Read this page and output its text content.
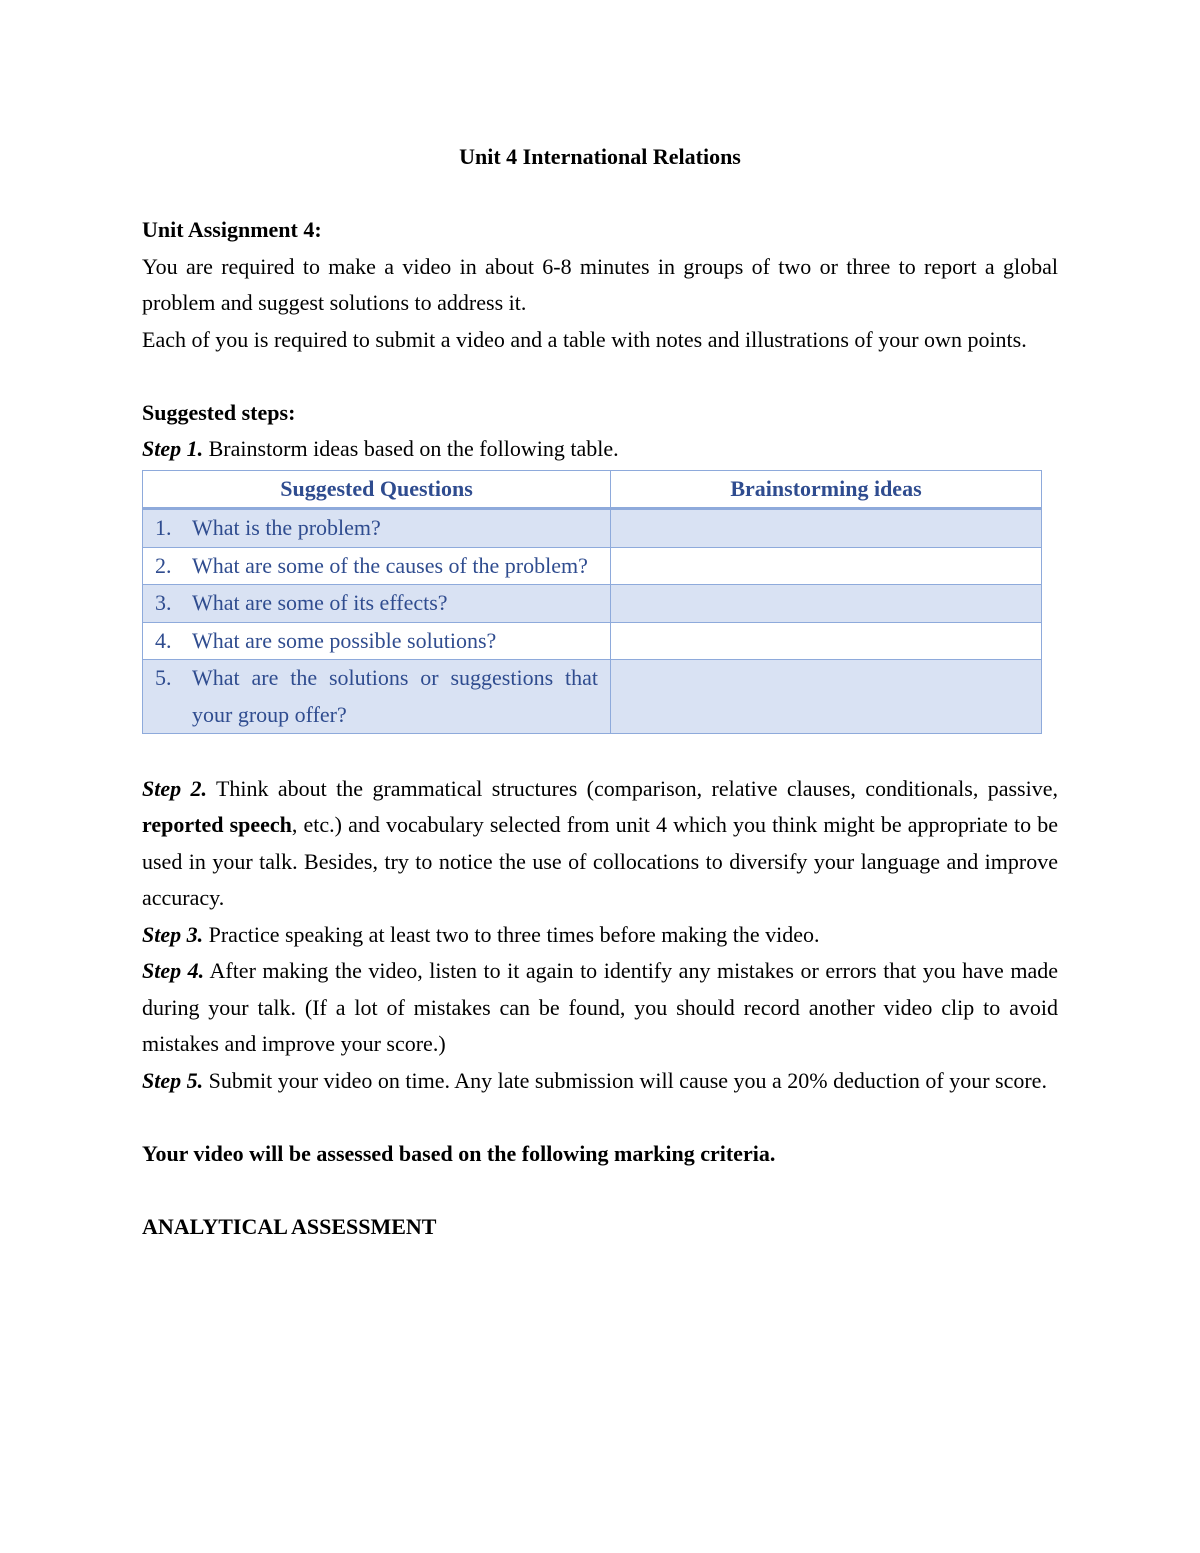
Unit 4 International Relations

Unit Assignment 4:

You are required to make a video in about 6-8 minutes in groups of two or three to report a global problem and suggest solutions to address it.

Each of you is required to submit a video and a table with notes and illustrations of your own points.

Suggested steps:

Step 1. Brainstorm ideas based on the following table.

Suggested Questions	Brainstorming ideas

1. What is the problem?	

2. What are some of the causes of the problem?	

3. What are some of its effects?	

4. What are some possible solutions?	

5. What are the solutions or suggestions that your group offer?	

Step 2. Think about the grammatical structures (comparison, relative clauses, conditionals, passive, reported speech, etc.) and vocabulary selected from unit 4 which you think might be appropriate to be used in your talk. Besides, try to notice the use of collocations to diversify your language and improve accuracy.

Step 3. Practice speaking at least two to three times before making the video.

Step 4. After making the video, listen to it again to identify any mistakes or errors that you have made during your talk. (If a lot of mistakes can be found, you should record another video clip to avoid mistakes and improve your score.)

Step 5. Submit your video on time. Any late submission will cause you a 20% deduction of your score.

Your video will be assessed based on the following marking criteria.

ANALYTICAL ASSESSMENT
